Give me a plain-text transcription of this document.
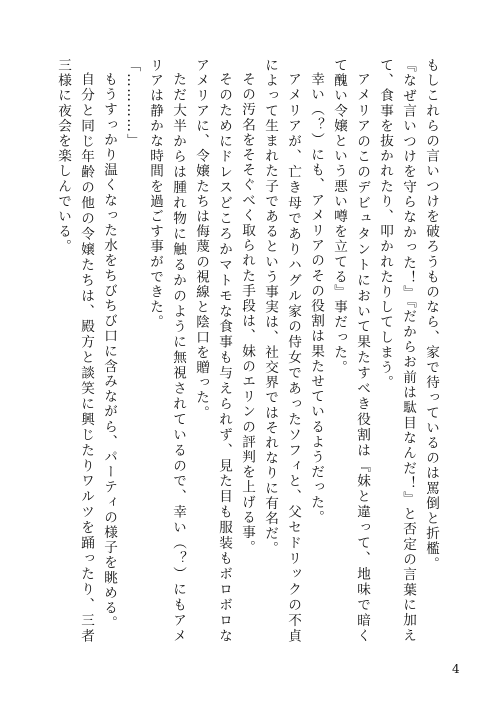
もしこれらの言いつけを破ろうものなら、家で待っているのは罵倒と折檻。

『なぜ言いつけを守らなかった！』『だからお前は駄目なんだ！』と否定の言葉に加えて、食事を抜かれたり、叩かれたりしてしまう。

アメリアのこのデビュタントにおいて果たすべき役割は『妹と違って、地味で暗くて醜い令嬢という悪い噂を立てる』事だった。

幸い（？）にも、アメリアのその役割は果たせているようだった。

アメリアが、亡き母でありハグル家の侍女であったソフィと、父セドリックの不貞によって生まれた子であるという事実は、社交界ではそれなりに有名だ。

その汚名をそそぐべく取られた手段は、妹のエリンの評判を上げる事。

そのためにドレスどころかマトモな食事も与えられず、見た目も服装もボロボロなアメリアに、令嬢たちは侮蔑の視線と陰口を贈った。

ただ大半からは腫れ物に触るかのように無視されているので、幸い（？）にもアメリアは静かな時間を過ごす事ができた。

「…………」

もうすっかり温くなった水をちびちび口に含みながら、パーティの様子を眺める。

自分と同じ年齢の他の令嬢たちは、殿方と談笑に興じたりワルツを踊ったり、三者三様に夜会を楽しんでいる。

4
